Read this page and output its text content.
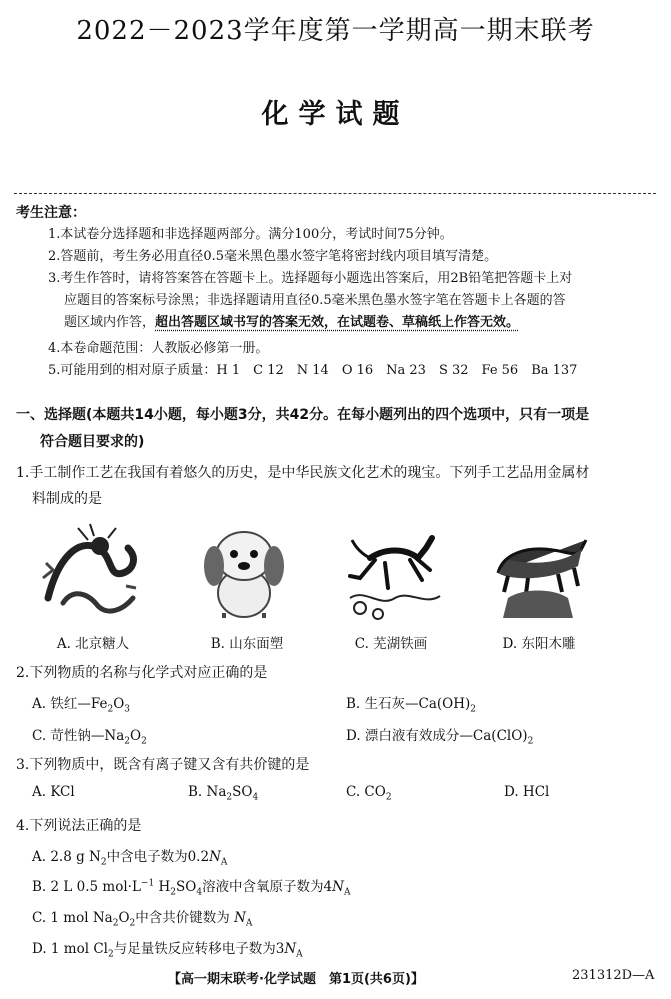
2022－2023学年度第一学期高一期末联考
化学试题
考生注意：
1.本试卷分选择题和非选择题两部分。满分100分，考试时间75分钟。
2.答题前，考生务必用直径0.5毫米黑色墨水签字笔将密封线内项目填写清楚。
3.考生作答时，请将答案答在答题卡上。选择题每小题选出答案后，用2B铅笔把答题卡上对
应题目的答案标号涂黑；非选择题请用直径0.5毫米黑色墨水签字笔在答题卡上各题的答
题区域内作答，超出答题区域书写的答案无效，在试题卷、草稿纸上作答无效。
4.本卷命题范围：人教版必修第一册。
5.可能用到的相对原子质量：H 1　C 12　N 14　O 16　Na 23　S 32　Fe 56　Ba 137
一、选择题(本题共14小题，每小题3分，共42分。在每小题列出的四个选项中，只有一项是
符合题目要求的)
1.手工制作工艺在我国有着悠久的历史，是中华民族文化艺术的瑰宝。下列手工艺品用金属材
料制成的是
A. 北京糖人	B. 山东面塑	C. 芜湖铁画	D. 东阳木雕
2.下列物质的名称与化学式对应正确的是
A. 铁红$—Fe_2O_3$	B. 生石灰$—Ca(OH)_2$
C. 苛性钠$—Na_2O_2$	D. 漂白液有效成分$—Ca(ClO)_2$
3.下列物质中，既含有离子键又含有共价键的是
A. KCl	B. $Na_2SO_4$	C. $CO_2$	D. HCl
4.下列说法正确的是
A. 2.8 g $N_2$中含电子数为$0.2N_A$
B. 2 L 0.5 $mol\cdot L^{-1}$ $H_2SO_4$溶液中含氧原子数为$4N_A$
C. 1 mol $Na_2O_2$中含共价键数为 $N_A$
D. 1 mol $Cl_2$与足量铁反应转移电子数为$3N_A$
【高一期末联考·化学试题　第1页(共6页)】	231312D—A
